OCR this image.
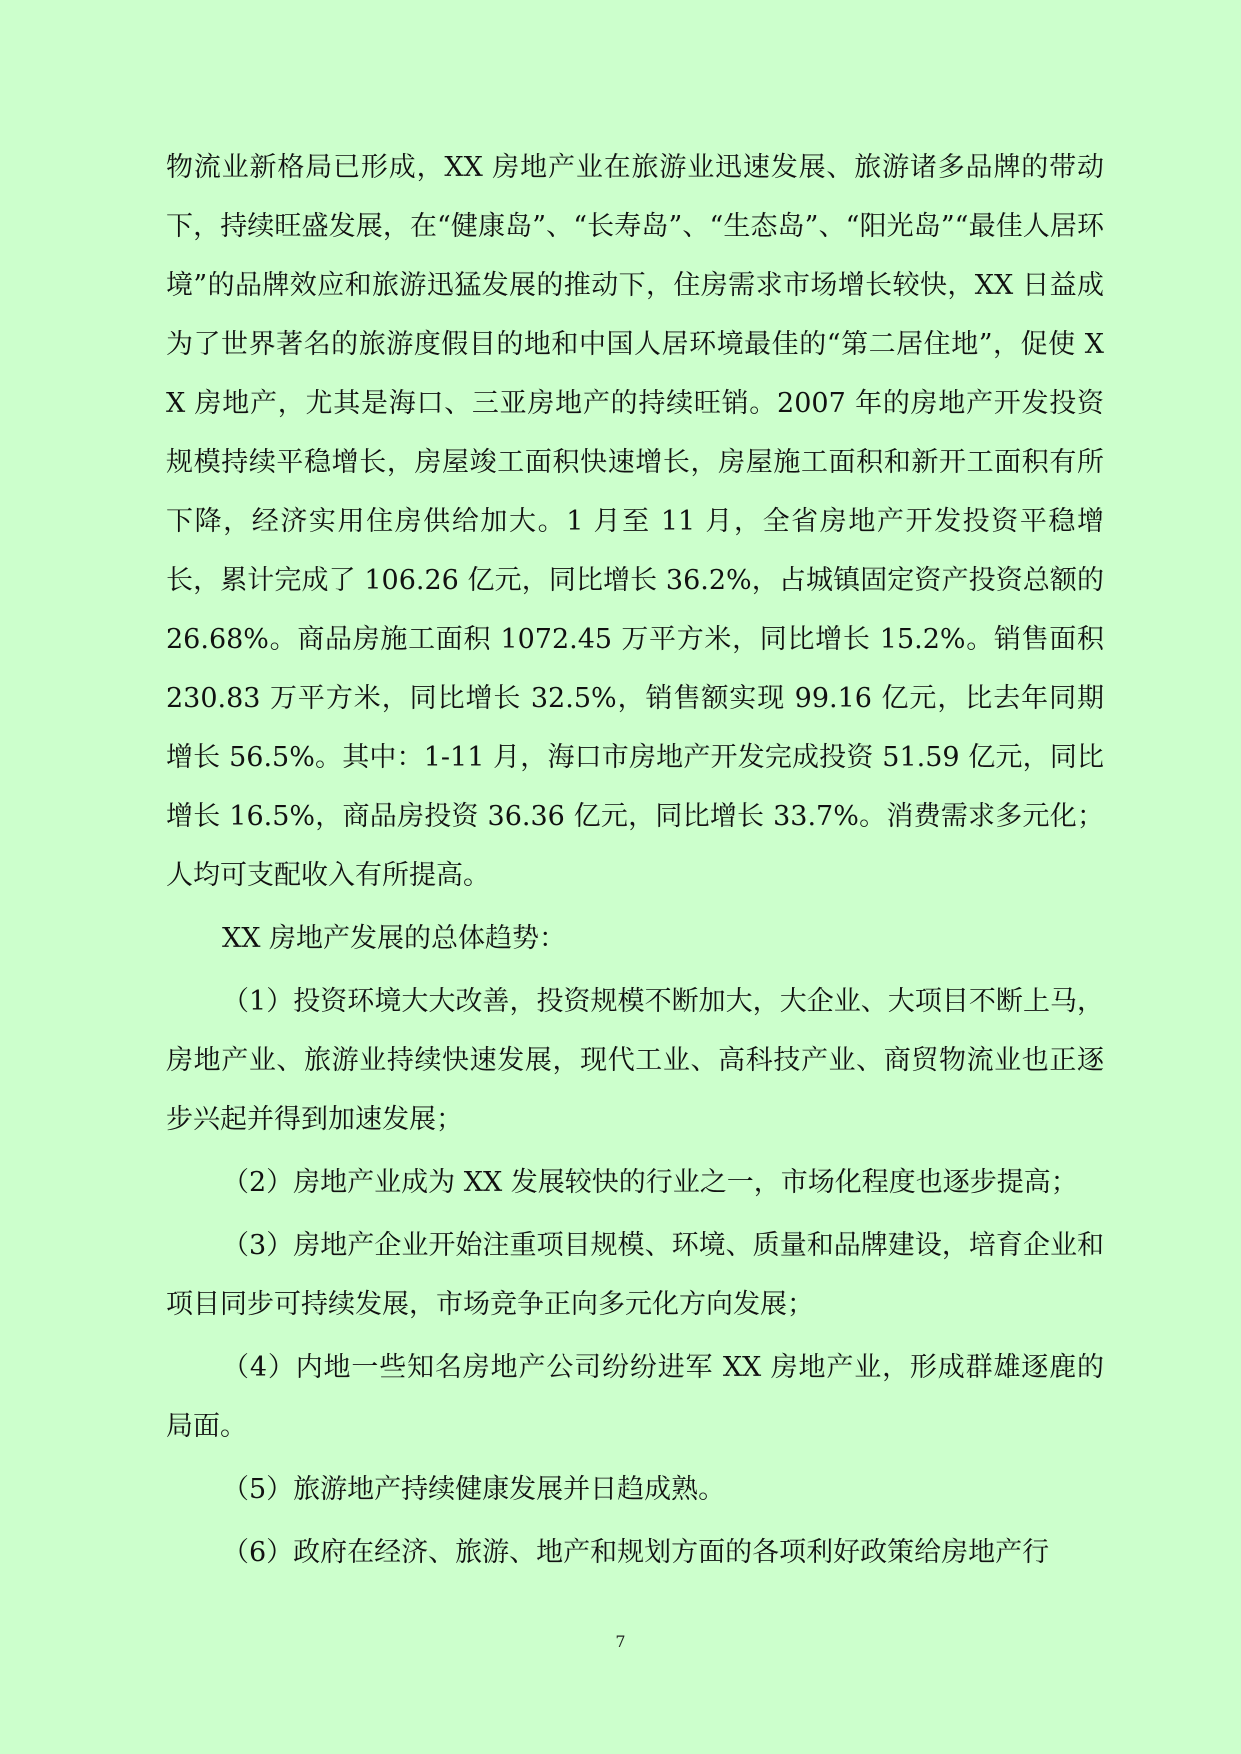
物流业新格局已形成，XX 房地产业在旅游业迅速发展、旅游诸多品牌的带动下，持续旺盛发展，在“健康岛”、“长寿岛”、“生态岛”、“阳光岛”“最佳人居环境”的品牌效应和旅游迅猛发展的推动下，住房需求市场增长较快，XX 日益成为了世界著名的旅游度假目的地和中国人居环境最佳的“第二居住地”，促使 XX 房地产，尤其是海口、三亚房地产的持续旺销。2007 年的房地产开发投资规模持续平稳增长，房屋竣工面积快速增长，房屋施工面积和新开工面积有所下降，经济实用住房供给加大。1 月至 11 月，全省房地产开发投资平稳增长，累计完成了 106.26 亿元，同比增长 36.2%，占城镇固定资产投资总额的 26.68%。商品房施工面积 1072.45 万平方米，同比增长 15.2%。销售面积 230.83 万平方米，同比增长 32.5%，销售额实现 99.16 亿元，比去年同期增长 56.5%。其中：1-11 月，海口市房地产开发完成投资 51.59 亿元，同比增长 16.5%，商品房投资 36.36 亿元，同比增长 33.7%。消费需求多元化；人均可支配收入有所提高。

XX 房地产发展的总体趋势：

（1）投资环境大大改善，投资规模不断加大，大企业、大项目不断上马，房地产业、旅游业持续快速发展，现代工业、高科技产业、商贸物流业也正逐步兴起并得到加速发展；

（2）房地产业成为 XX 发展较快的行业之一，市场化程度也逐步提高；

（3）房地产企业开始注重项目规模、环境、质量和品牌建设，培育企业和项目同步可持续发展，市场竞争正向多元化方向发展；

（4）内地一些知名房地产公司纷纷进军 XX 房地产业，形成群雄逐鹿的局面。

（5）旅游地产持续健康发展并日趋成熟。

（6）政府在经济、旅游、地产和规划方面的各项利好政策给房地产行

7
